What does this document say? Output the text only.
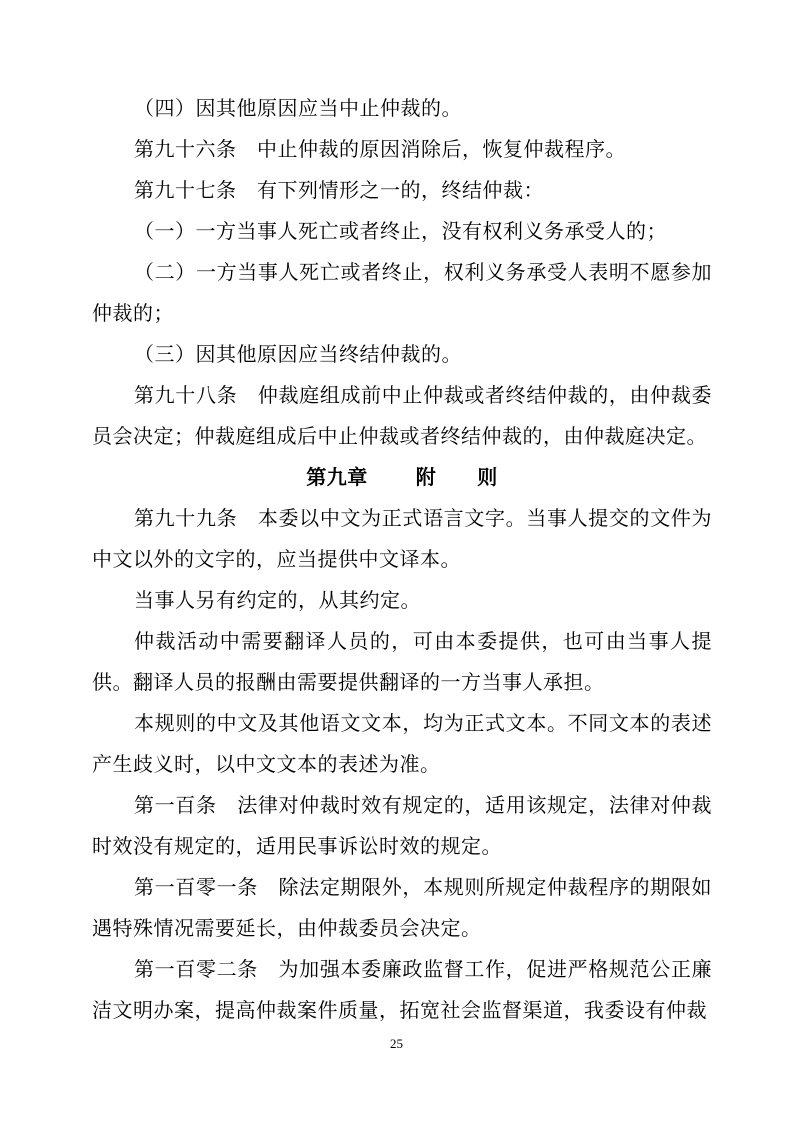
（四）因其他原因应当中止仲裁的。

第九十六条　中止仲裁的原因消除后，恢复仲裁程序。

第九十七条　有下列情形之一的，终结仲裁：

（一）一方当事人死亡或者终止，没有权利义务承受人的；

（二）一方当事人死亡或者终止，权利义务承受人表明不愿参加仲裁的；

（三）因其他原因应当终结仲裁的。

第九十八条　仲裁庭组成前中止仲裁或者终结仲裁的，由仲裁委员会决定；仲裁庭组成后中止仲裁或者终结仲裁的，由仲裁庭决定。

第九章 附　　则

第九十九条　本委以中文为正式语言文字。当事人提交的文件为中文以外的文字的，应当提供中文译本。

当事人另有约定的，从其约定。

仲裁活动中需要翻译人员的，可由本委提供，也可由当事人提供。翻译人员的报酬由需要提供翻译的一方当事人承担。

本规则的中文及其他语文文本，均为正式文本。不同文本的表述产生歧义时，以中文文本的表述为准。

第一百条　法律对仲裁时效有规定的，适用该规定，法律对仲裁时效没有规定的，适用民事诉讼时效的规定。

第一百零一条　除法定期限外，本规则所规定仲裁程序的期限如遇特殊情况需要延长，由仲裁委员会决定。

第一百零二条　为加强本委廉政监督工作，促进严格规范公正廉洁文明办案，提高仲裁案件质量，拓宽社会监督渠道，我委设有仲裁

25
